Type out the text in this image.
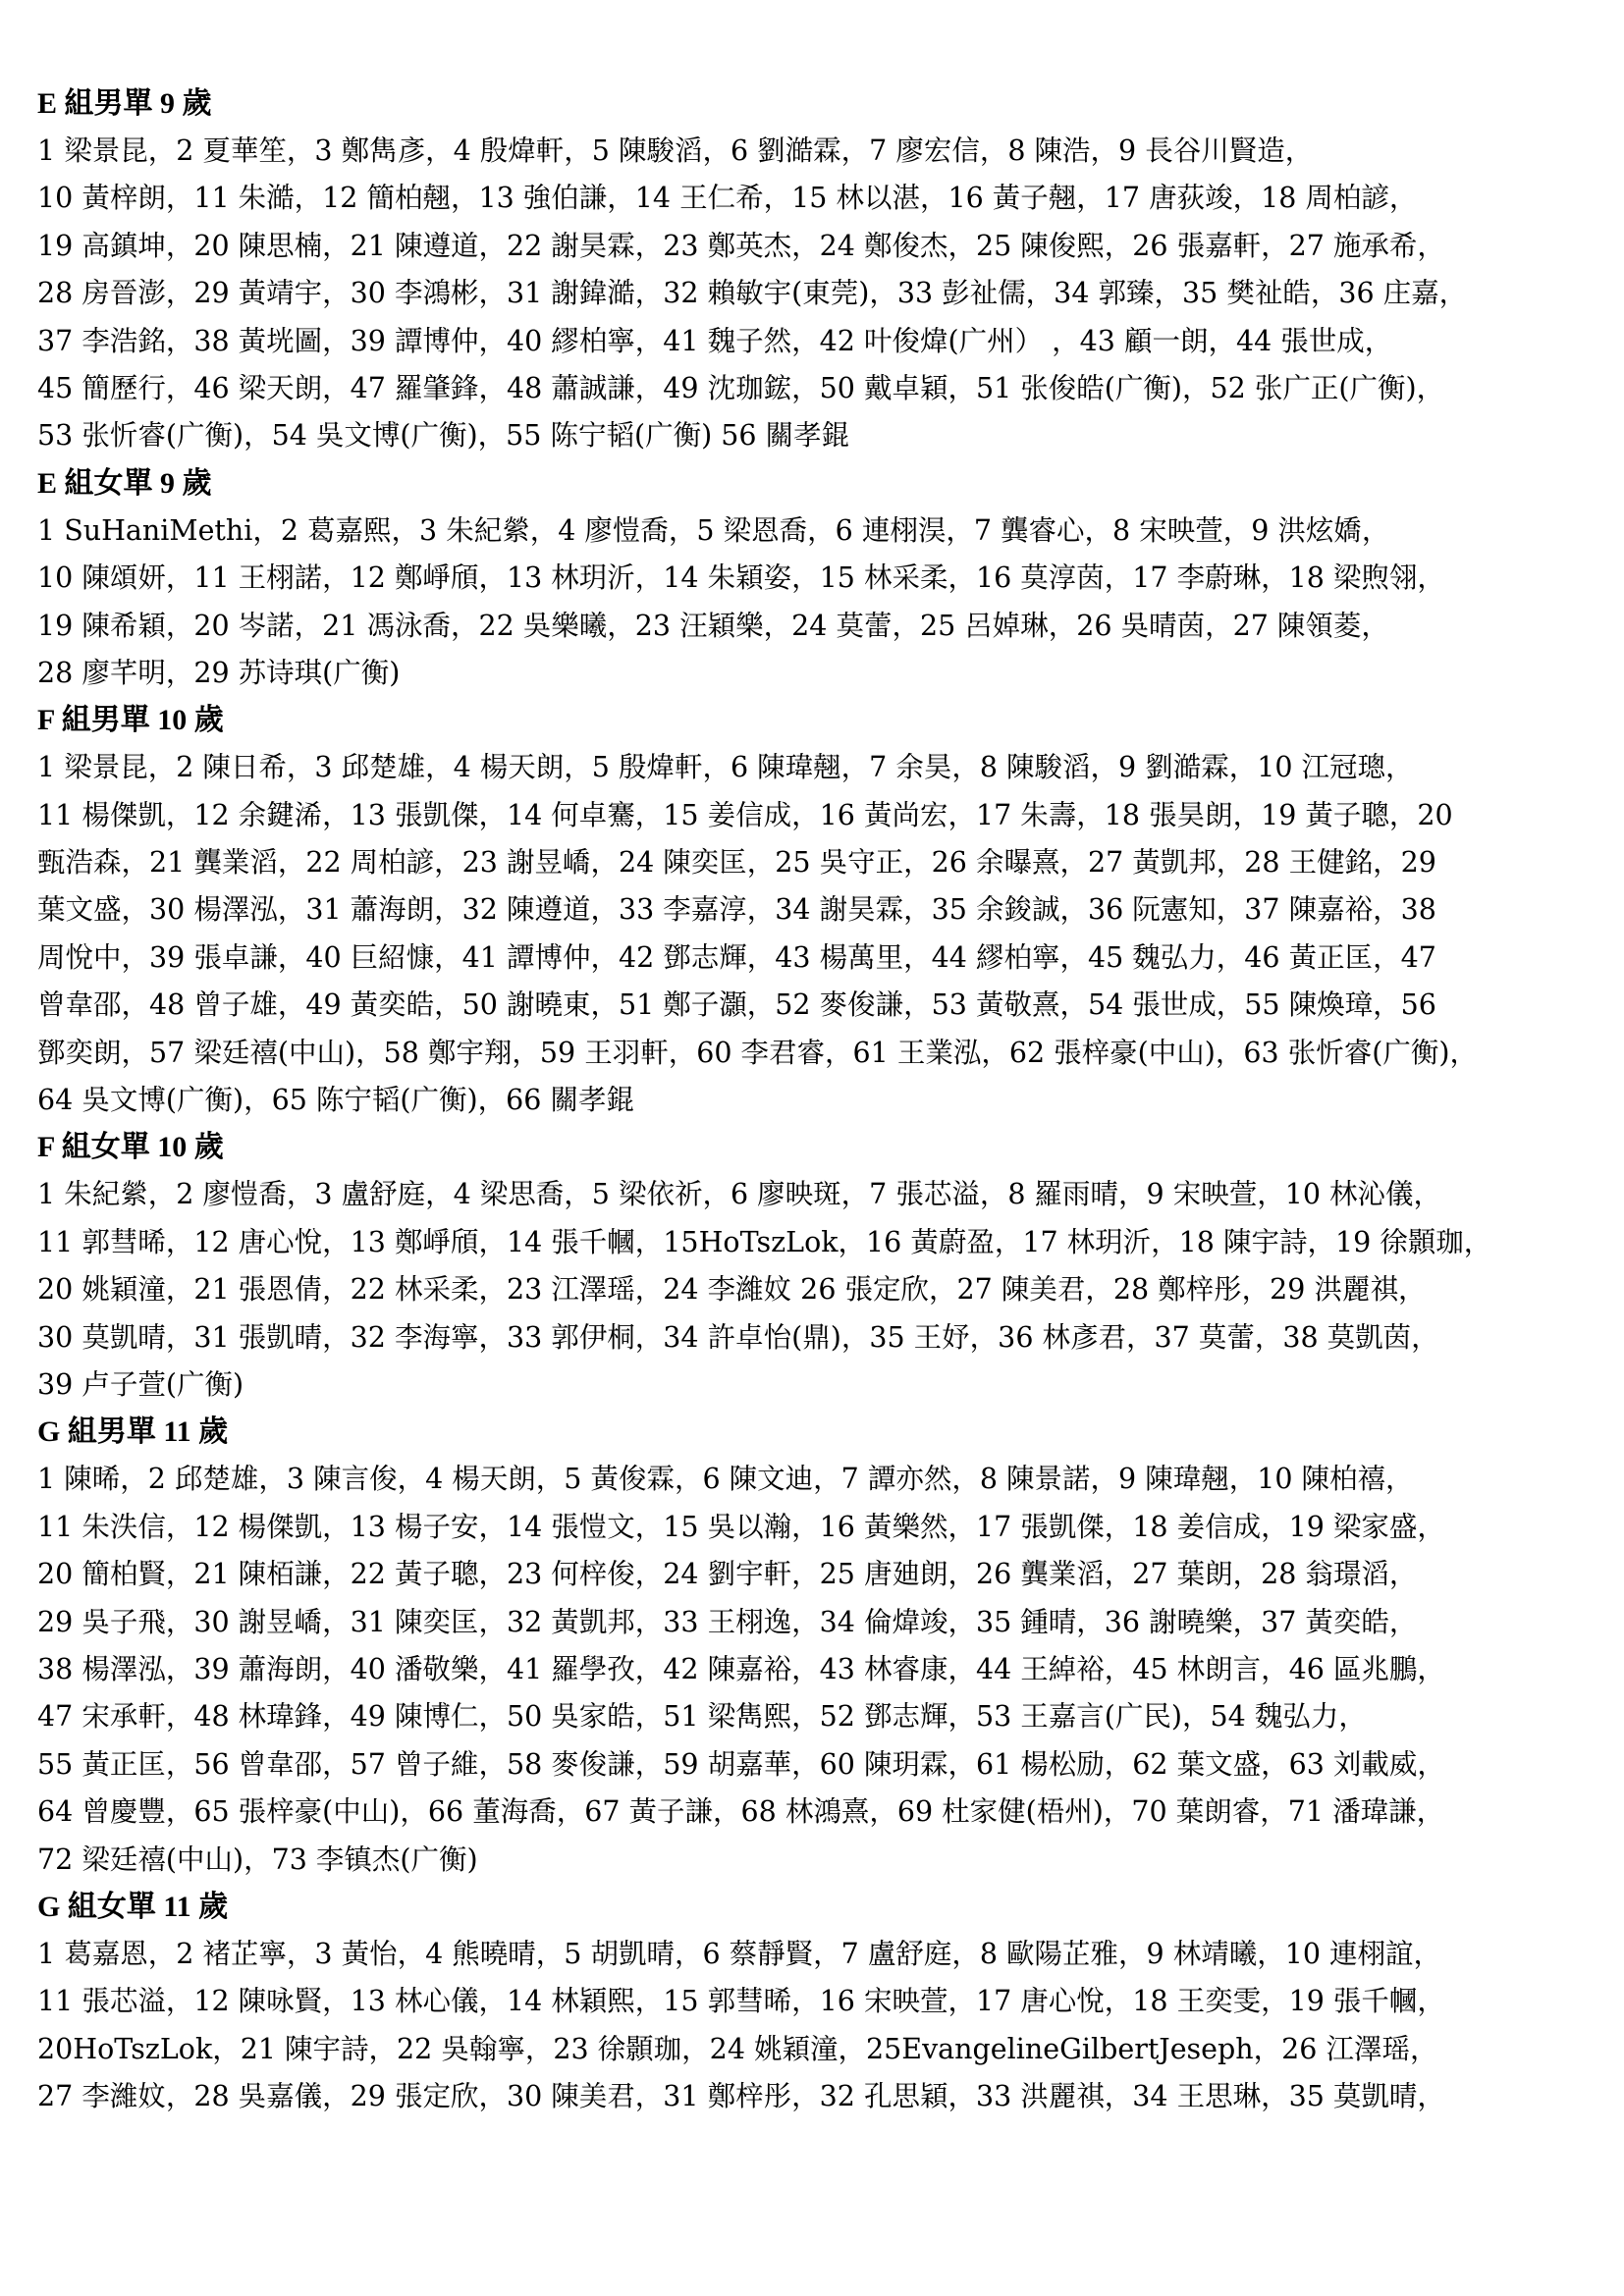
E 組男單 9 歲
1 梁景昆，2 夏華笙，3 鄭雋彥，4 殷煒軒，5 陳駿滔，6 劉澔霖，7 廖宏信，8 陳浩，9 長谷川賢造，
10 黃梓朗，11 朱澔，12 簡柏翹，13 強伯謙，14 王仁希，15 林以湛，16 黃子翹，17 唐荻竣，18 周柏諺，
19 高鎮坤，20 陳思楠，21 陳遵道，22 謝昊霖，23 鄭英杰，24 鄭俊杰，25 陳俊熙，26 張嘉軒，27 施承希，
28 房晉澎，29 黃靖宇，30 李鴻彬，31 謝鍏澔，32 賴敏宇(東莞)，33 彭祉儒，34 郭臻，35 樊祉皓，36 庄嘉，
37 李浩銘，38 黃垙圖，39 譚博仲，40 繆柏寧，41 魏子然，42 叶俊煒(广州） ，43 顧一朗，44 張世成，
45 簡歷行，46 梁天朗，47 羅肇鋒，48 蕭誠謙，49 沈珈鋐，50 戴卓穎，51 张俊皓(广衡)，52 张广正(广衡)，
53 张忻睿(广衡)，54 吳文博(广衡)，55 陈宁韬(广衡) 56 關孝錕
E 組女單 9 歲
1 SuHaniMethi，2 葛嘉熙，3 朱紀縈，4 廖愷喬，5 梁恩喬，6 連栩淏，7 龔睿心，8 宋映萱，9 洪炫嬌，
10 陳頌妍，11 王栩諾，12 鄭崢頎，13 林玥沂，14 朱穎姿，15 林采柔，16 莫淳茵，17 李蔚琳，18 梁煦翎，
19 陳希穎，20 岑諾，21 馮泳喬，22 吳樂曦，23 汪穎樂，24 莫蕾，25 呂婥琳，26 吳晴茵，27 陳領菱，
28 廖芊明，29 苏诗琪(广衡)
F 組男單 10 歲
1 梁景昆，2 陳日希，3 邱楚雄，4 楊天朗，5 殷煒軒，6 陳瑋翹，7 余昊，8 陳駿滔，9 劉澔霖，10 江冠璁，
11 楊傑凱，12 余鍵浠，13 張凱傑，14 何卓騫，15 姜信成，16 黃尚宏，17 朱壽，18 張昊朗，19 黃子聰，20
甄浩森，21 龔業滔，22 周柏諺，23 謝昱嶠，24 陳奕匡，25 吳守正，26 余曝熹，27 黃凱邦，28 王健銘，29
葉文盛，30 楊澤泓，31 蕭海朗，32 陳遵道，33 李嘉淳，34 謝昊霖，35 余鋑誠，36 阮憲知，37 陳嘉裕，38
周悅中，39 張卓謙，40 巨紹慷，41 譚博仲，42 鄧志輝，43 楊萬里，44 繆柏寧，45 魏弘力，46 黃正匡，47
曾韋邵，48 曾子雄，49 黃奕皓，50 謝曉東，51 鄭子灝，52 麥俊謙，53 黃敬熹，54 張世成，55 陳煥璋，56
鄧奕朗，57 梁廷禧(中山)，58 鄭宇翔，59 王羽軒，60 李君睿，61 王業泓，62 張梓豪(中山)，63 张忻睿(广衡)，
64 吳文博(广衡)，65 陈宁韬(广衡)，66 關孝錕
F 組女單 10 歲
1 朱紀縈，2 廖愷喬，3 盧舒庭，4 梁思喬，5 梁依祈，6 廖映斑，7 張芯溢，8 羅雨晴，9 宋映萱，10 林沁儀，
11 郭彗晞，12 唐心悅，13 鄭崢頎，14 張千幗，15HoTszLok，16 黃蔚盈，17 林玥沂，18 陳宇詩，19 徐顥珈，
20 姚穎潼，21 張恩倩，22 林采柔，23 江澤瑶，24 李濰妏 26 張定欣，27 陳美君，28 鄭梓彤，29 洪麗祺，
30 莫凱晴，31 張凱晴，32 李海寧，33 郭伊桐，34 許卓怡(鼎)，35 王妤，36 林彥君，37 莫蕾，38 莫凱茵，
39 卢子萱(广衡)
G 組男單 11 歲
1 陳晞，2 邱楚雄，3 陳言俊，4 楊天朗，5 黃俊霖，6 陳文迪，7 譚亦然，8 陳景諾，9 陳瑋翹，10 陳柏禧，
11 朱泆信，12 楊傑凱，13 楊子安，14 張愷文，15 吳以瀚，16 黃樂然，17 張凱傑，18 姜信成，19 梁家盛，
20 簡柏賢，21 陳栢謙，22 黃子聰，23 何梓俊，24 劉宇軒，25 唐廸朗，26 龔業滔，27 葉朗，28 翁璟滔，
29 吳子飛，30 謝昱嶠，31 陳奕匡，32 黃凱邦，33 王栩逸，34 倫煒竣，35 鍾晴，36 謝曉樂，37 黃奕皓，
38 楊澤泓，39 蕭海朗，40 潘敬樂，41 羅學孜，42 陳嘉裕，43 林睿康，44 王綽裕，45 林朗言，46 區兆鵬，
47 宋承軒，48 林瑋鋒，49 陳博仁，50 吳家皓，51 梁雋熙，52 鄧志輝，53 王嘉言(广民)，54 魏弘力，
55 黃正匡，56 曾韋邵，57 曾子維，58 麥俊謙，59 胡嘉華，60 陳玥霖，61 楊松励，62 葉文盛，63 刘載威，
64 曾慶豐，65 張梓豪(中山)，66 董海喬，67 黃子謙，68 林鴻熹，69 杜家健(梧州)，70 葉朗睿，71 潘瑋謙，
72 梁廷禧(中山)，73 李镇杰(广衡)
G 組女單 11 歲
1 葛嘉恩，2 褚芷寧，3 黃怡，4 熊曉晴，5 胡凱晴，6 蔡靜賢，7 盧舒庭，8 歐陽芷雅，9 林靖曦，10 連栩誼，
11 張芯溢，12 陳咏賢，13 林心儀，14 林穎熙，15 郭彗晞，16 宋映萱，17 唐心悅，18 王奕雯，19 張千幗，
20HoTszLok，21 陳宇詩，22 吳翰寧，23 徐顥珈，24 姚穎潼，25EvangelineGilbertJeseph，26 江澤瑶，
27 李濰妏，28 吳嘉儀，29 張定欣，30 陳美君，31 鄭梓彤，32 孔思穎，33 洪麗祺，34 王思琳，35 莫凱晴，
